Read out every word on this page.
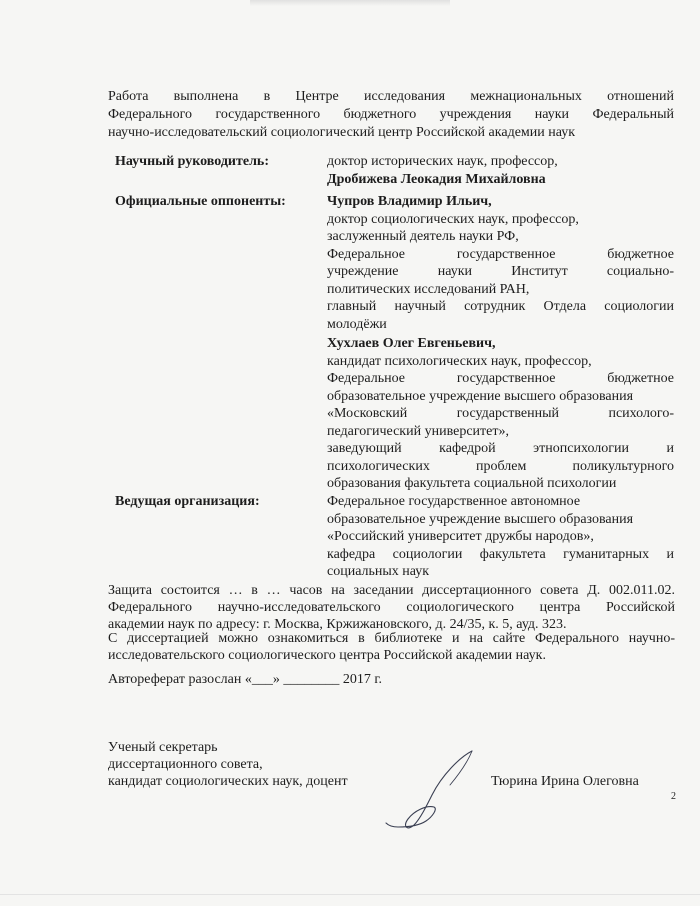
Работа выполнена в Центре исследования межнациональных отношений
Федерального государственного бюджетного учреждения науки Федеральный
научно-исследовательский социологический центр Российской академии наук
Научный руководитель:	доктор исторических наук, профессор,
Дробижева Леокадия Михайловна
Официальные оппоненты:	Чупров Владимир Ильич,
доктор социологических наук, профессор,
заслуженный деятель науки РФ,
Федеральное государственное бюджетное
учреждение науки Институт социально-
политических исследований РАН,
главный научный сотрудник Отдела социологии
молодёжи
Хухлаев Олег Евгеньевич,
кандидат психологических наук, профессор,
Федеральное государственное бюджетное
образовательное учреждение высшего образования
«Московский государственный психолого-
педагогический университет»,
заведующий кафедрой этнопсихологии и
психологических проблем поликультурного
образования факультета социальной психологии
Ведущая организация:	Федеральное государственное автономное
образовательное учреждение высшего образования
«Российский университет дружбы народов»,
кафедра социологии факультета гуманитарных и
социальных наук
Защита состоится … в … часов на заседании диссертационного совета Д. 002.011.02.
Федерального научно-исследовательского социологического центра Российской
академии наук по адресу: г. Москва, Кржижановского, д. 24/35, к. 5, ауд. 323.
С диссертацией можно ознакомиться в библиотеке и на сайте Федерального научно-
исследовательского социологического центра Российской академии наук.
Автореферат разослан «___» ________ 2017 г.
Ученый секретарь
диссертационного совета,
кандидат социологических наук, доцент	Тюрина Ирина Олеговна
2
